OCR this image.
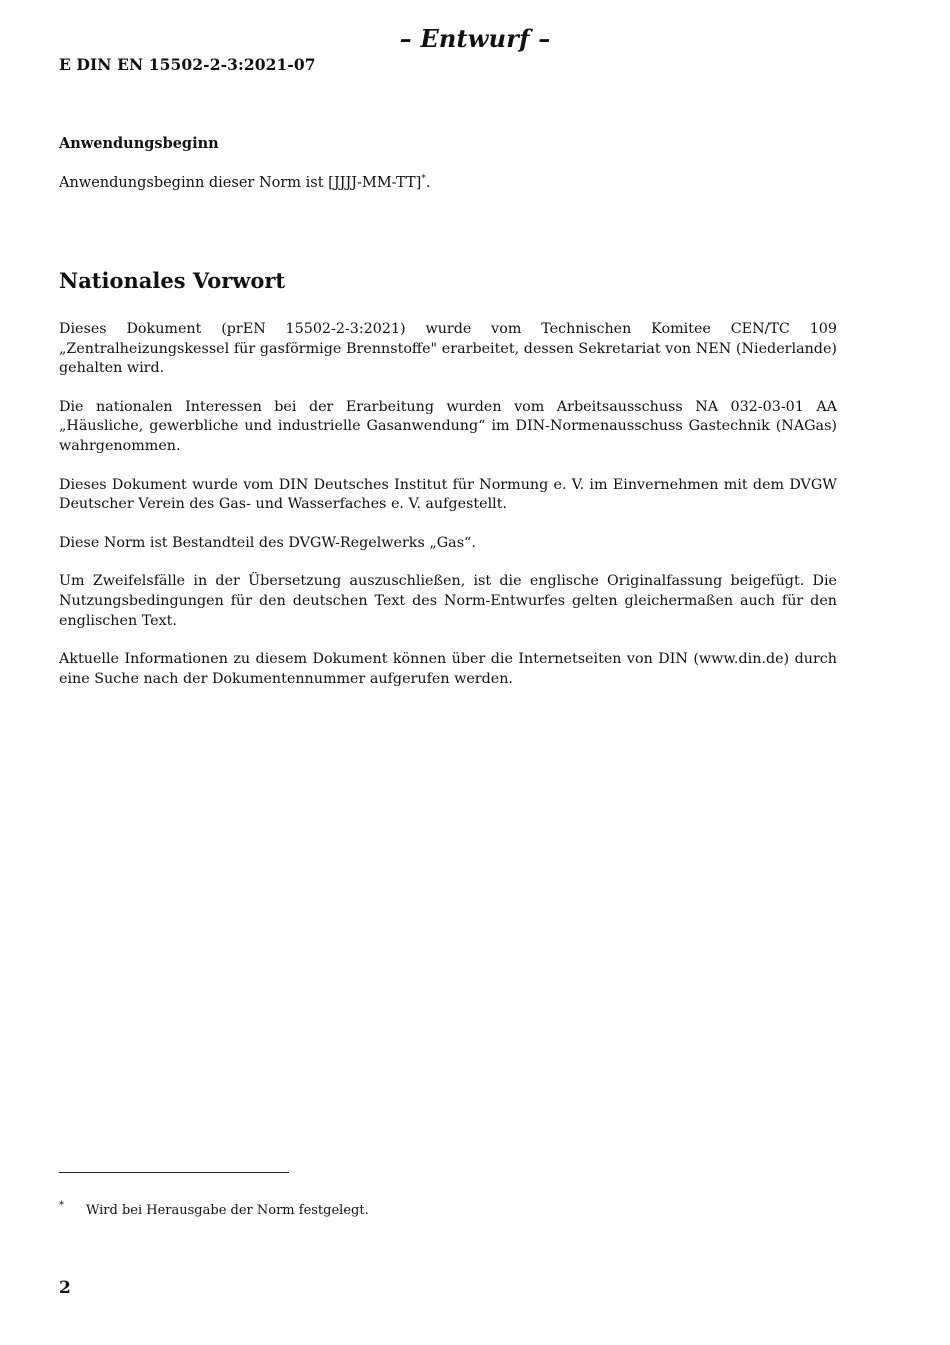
– Entwurf –
E DIN EN 15502-2-3:2021-07
Anwendungsbeginn
Anwendungsbeginn dieser Norm ist [JJJJ-MM-TT]*.
Nationales Vorwort

Dieses Dokument (prEN 15502-2-3:2021) wurde vom Technischen Komitee CEN/TC 109 „Zentralheizungskessel für gasförmige Brennstoffe" erarbeitet, dessen Sekretariat von NEN (Niederlande) gehalten wird.

Die nationalen Interessen bei der Erarbeitung wurden vom Arbeitsausschuss NA 032-03-01 AA „Häusliche, gewerbliche und industrielle Gasanwendung“ im DIN-Normenausschuss Gastechnik (NAGas) wahrgenommen.

Dieses Dokument wurde vom DIN Deutsches Institut für Normung e. V. im Einvernehmen mit dem DVGW Deutscher Verein des Gas- und Wasserfaches e. V. aufgestellt.

Diese Norm ist Bestandteil des DVGW-Regelwerks „Gas“.

Um Zweifelsfälle in der Übersetzung auszuschließen, ist die englische Originalfassung beigefügt. Die Nutzungsbedingungen für den deutschen Text des Norm-Entwurfes gelten gleichermaßen auch für den englischen Text.

Aktuelle Informationen zu diesem Dokument können über die Internetseiten von DIN (www.din.de) durch eine Suche nach der Dokumentennummer aufgerufen werden.

* Wird bei Herausgabe der Norm festgelegt.
2
